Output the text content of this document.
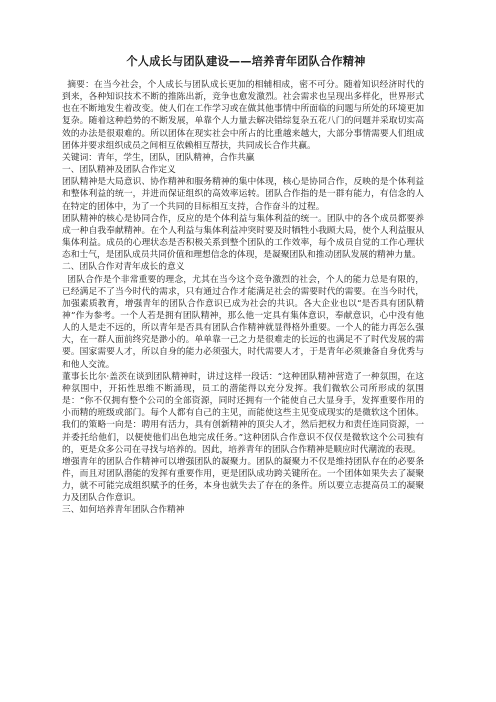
个人成长与团队建设——培养青年团队合作精神

摘要：在当今社会，个人成长与团队成长更加的相辅相成，密不可分。随着知识经济时代的到来，各种知识技术不断的推陈出新，竞争也愈发激烈。社会需求也呈现出多样化，世界形式也在不断地发生着改变。使人们在工作学习或在做其他事情中所面临的问题与所处的环境更加复杂。随着这种趋势的不断发展，单靠个人力量去解决错综复杂五花八门的问题并采取切实高效的办法是很艰难的。所以团体在现实社会中所占的比重越来越大，大部分事情需要人们组成团体并要求组织成员之间相互依赖相互帮扶，共同成长合作共赢。

关键词：青年，学生，团队，团队精神，合作共赢

一、团队精神及团队合作定义

团队精神是大局意识、协作精神和服务精神的集中体现，核心是协同合作，反映的是个体利益和整体利益的统一，并进而保证组织的高效率运转。团队合作指的是一群有能力，有信念的人在特定的团体中，为了一个共同的目标相互支持，合作奋斗的过程。

团队精神的核心是协同合作，反应的是个体利益与集体利益的统一。团队中的各个成员都要养成一种自我奉献精神。在个人利益与集体利益冲突时要及时牺牲小我顾大局，使个人利益服从集体利益。成员的心理状态是否积极关系到整个团队的工作效率，每个成员自觉的工作心理状态和士气，是团队成员共同价值和理想信念的体现，是凝聚团队和推动团队发展的精神力量。

二、团队合作对青年成长的意义

团队合作是个非常重要的理念，尤其在当今这个竞争激烈的社会，个人的能力总是有限的，已经满足不了当今时代的需求，只有通过合作才能满足社会的需要时代的需要。在当今时代，加强素质教育，增强青年的团队合作意识已成为社会的共识。各大企业也以“是否具有团队精神”作为参考。一个人若是拥有团队精神，那么他一定具有集体意识，奉献意识，心中没有他人的人是走不远的，所以青年是否具有团队合作精神就显得格外重要。一个人的能力再怎么强大，在一群人面前终究是渺小的。单单靠一己之力是很难走的长远的也满足不了时代发展的需要。国家需要人才，所以自身的能力必须强大，时代需要人才，于是青年必须兼备自身优秀与和他人交流。

董事长比尔·盖茨在谈到团队精神时，讲过这样一段话：“这种团队精神营造了一种氛围，在这种氛围中，开拓性思维不断涌现，员工的潜能得以充分发挥。我们微软公司所形成的氛围是：“你不仅拥有整个公司的全部资源，同时还拥有一个能使自己大显身手，发挥重要作用的小而精的班级或部门。每个人都有自己的主见，而能使这些主见变成现实的是微软这个团体。我们的策略一向是：聘用有活力，具有创新精神的顶尖人才，然后把权力和责任连同资源，一并委托给他们，以便使他们出色地完成任务。”这种团队合作意识不仅仅是微软这个公司独有的，更是众多公司在寻找与培养的。因此，培养青年的团队合作精神是顺应时代潮流的表现。

增强青年的团队合作精神可以增强团队的凝聚力。团队的凝聚力不仅是维持团队存在的必要条件，而且对团队潜能的发挥有重要作用，更是团队成功跨关键所在。一个团体如果失去了凝聚力，就不可能完成组织赋予的任务，本身也就失去了存在的条件。所以要立志提高员工的凝聚力及团队合作意识。

三、如何培养青年团队合作精神
